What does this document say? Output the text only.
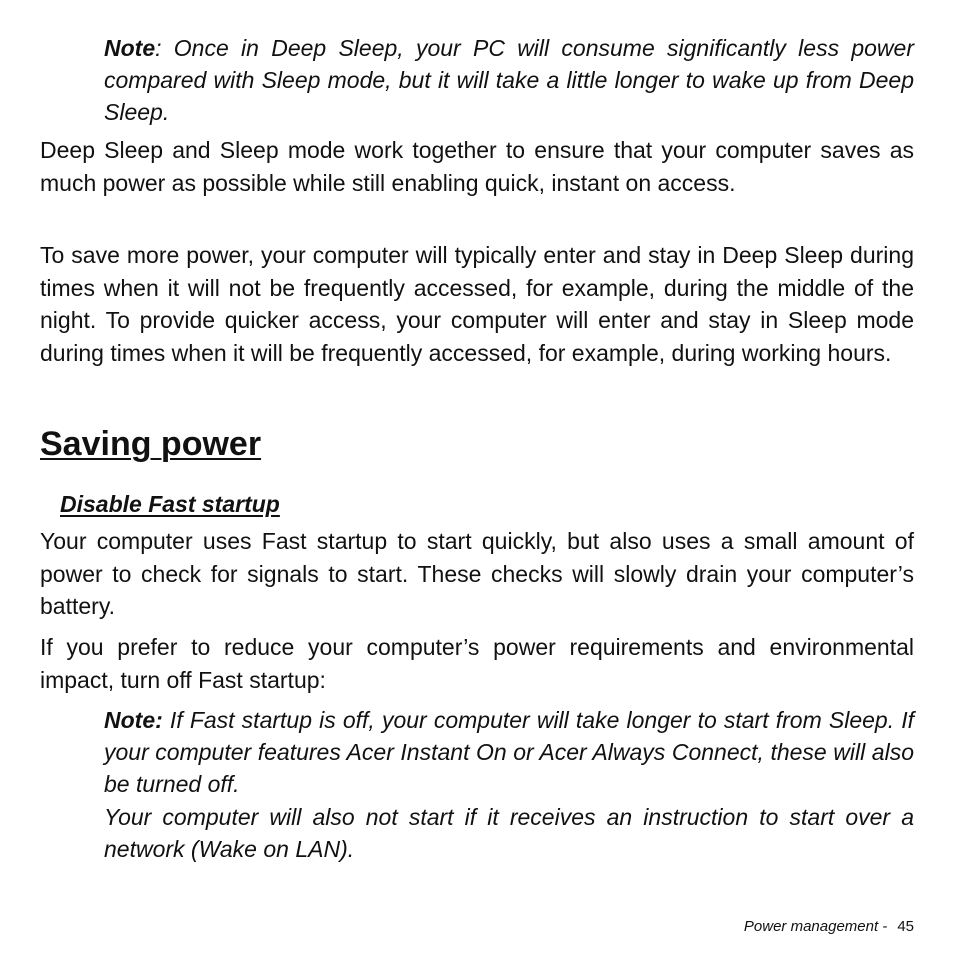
Note: Once in Deep Sleep, your PC will consume significantly less power compared with Sleep mode, but it will take a little longer to wake up from Deep Sleep.

Deep Sleep and Sleep mode work together to ensure that your computer saves as much power as possible while still enabling quick, instant on access.

To save more power, your computer will typically enter and stay in Deep Sleep during times when it will not be frequently accessed, for example, during the middle of the night. To provide quicker access, your computer will enter and stay in Sleep mode during times when it will be frequently accessed, for example, during working hours.

Saving power
Disable Fast startup

Your computer uses Fast startup to start quickly, but also uses a small amount of power to check for signals to start. These checks will slowly drain your computer’s battery.

If you prefer to reduce your computer’s power requirements and environmental impact, turn off Fast startup:

Note: If Fast startup is off, your computer will take longer to start from Sleep. If your computer features Acer Instant On or Acer Always Connect, these will also be turned off.
Your computer will also not start if it receives an instruction to start over a network (Wake on LAN).
Power management - 45
